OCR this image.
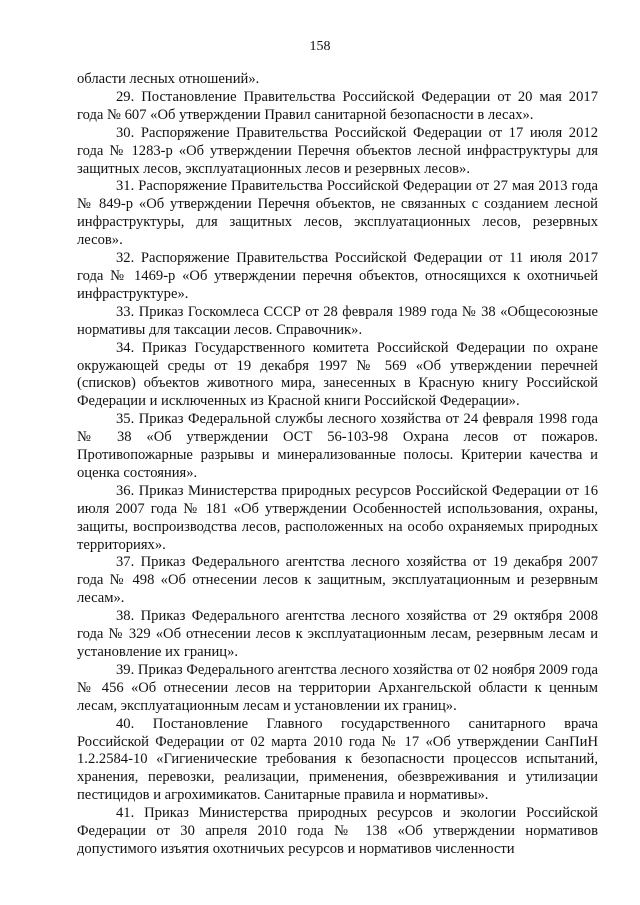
158

области лесных отношений».

29. Постановление Правительства Российской Федерации от 20 мая 2017 года № 607 «Об утверждении Правил санитарной безопасности в лесах».

30. Распоряжение Правительства Российской Федерации от 17 июля 2012 года № 1283-р «Об утверждении Перечня объектов лесной инфраструктуры для защитных лесов, эксплуатационных лесов и резервных лесов».

31. Распоряжение Правительства Российской Федерации от 27 мая 2013 года № 849-р «Об утверждении Перечня объектов, не связанных с созданием лесной инфраструктуры, для защитных лесов, эксплуатационных лесов, резервных лесов».

32. Распоряжение Правительства Российской Федерации от 11 июля 2017 года № 1469-р «Об утверждении перечня объектов, относящихся к охотничьей инфраструктуре».

33. Приказ Госкомлеса СССР от 28 февраля 1989 года № 38 «Общесоюзные нормативы для таксации лесов. Справочник».

34. Приказ Государственного комитета Российской Федерации по охране окружающей среды от 19 декабря 1997 № 569 «Об утверждении перечней (списков) объектов животного мира, занесенных в Красную книгу Российской Федерации и исключенных из Красной книги Российской Федерации».

35. Приказ Федеральной службы лесного хозяйства от 24 февраля 1998 года № 38 «Об утверждении ОСТ 56-103-98 Охрана лесов от пожаров. Противопожарные разрывы и минерализованные полосы. Критерии качества и оценка состояния».

36. Приказ Министерства природных ресурсов Российской Федерации от 16 июля 2007 года № 181 «Об утверждении Особенностей использования, охраны, защиты, воспроизводства лесов, расположенных на особо охраняемых природных территориях».

37. Приказ Федерального агентства лесного хозяйства от 19 декабря 2007 года № 498 «Об отнесении лесов к защитным, эксплуатационным и резервным лесам».

38. Приказ Федерального агентства лесного хозяйства от 29 октября 2008 года № 329 «Об отнесении лесов к эксплуатационным лесам, резервным лесам и установление их границ».

39. Приказ Федерального агентства лесного хозяйства от 02 ноября 2009 года № 456 «Об отнесении лесов на территории Архангельской области к ценным лесам, эксплуатационным лесам и установлении их границ».

40. Постановление Главного государственного санитарного врача Российской Федерации от 02 марта 2010 года № 17 «Об утверждении СанПиН 1.2.2584-10 «Гигиенические требования к безопасности процессов испытаний, хранения, перевозки, реализации, применения, обезвреживания и утилизации пестицидов и агрохимикатов. Санитарные правила и нормативы».

41. Приказ Министерства природных ресурсов и экологии Российской Федерации от 30 апреля 2010 года № 138 «Об утверждении нормативов допустимого изъятия охотничьих ресурсов и нормативов численности
